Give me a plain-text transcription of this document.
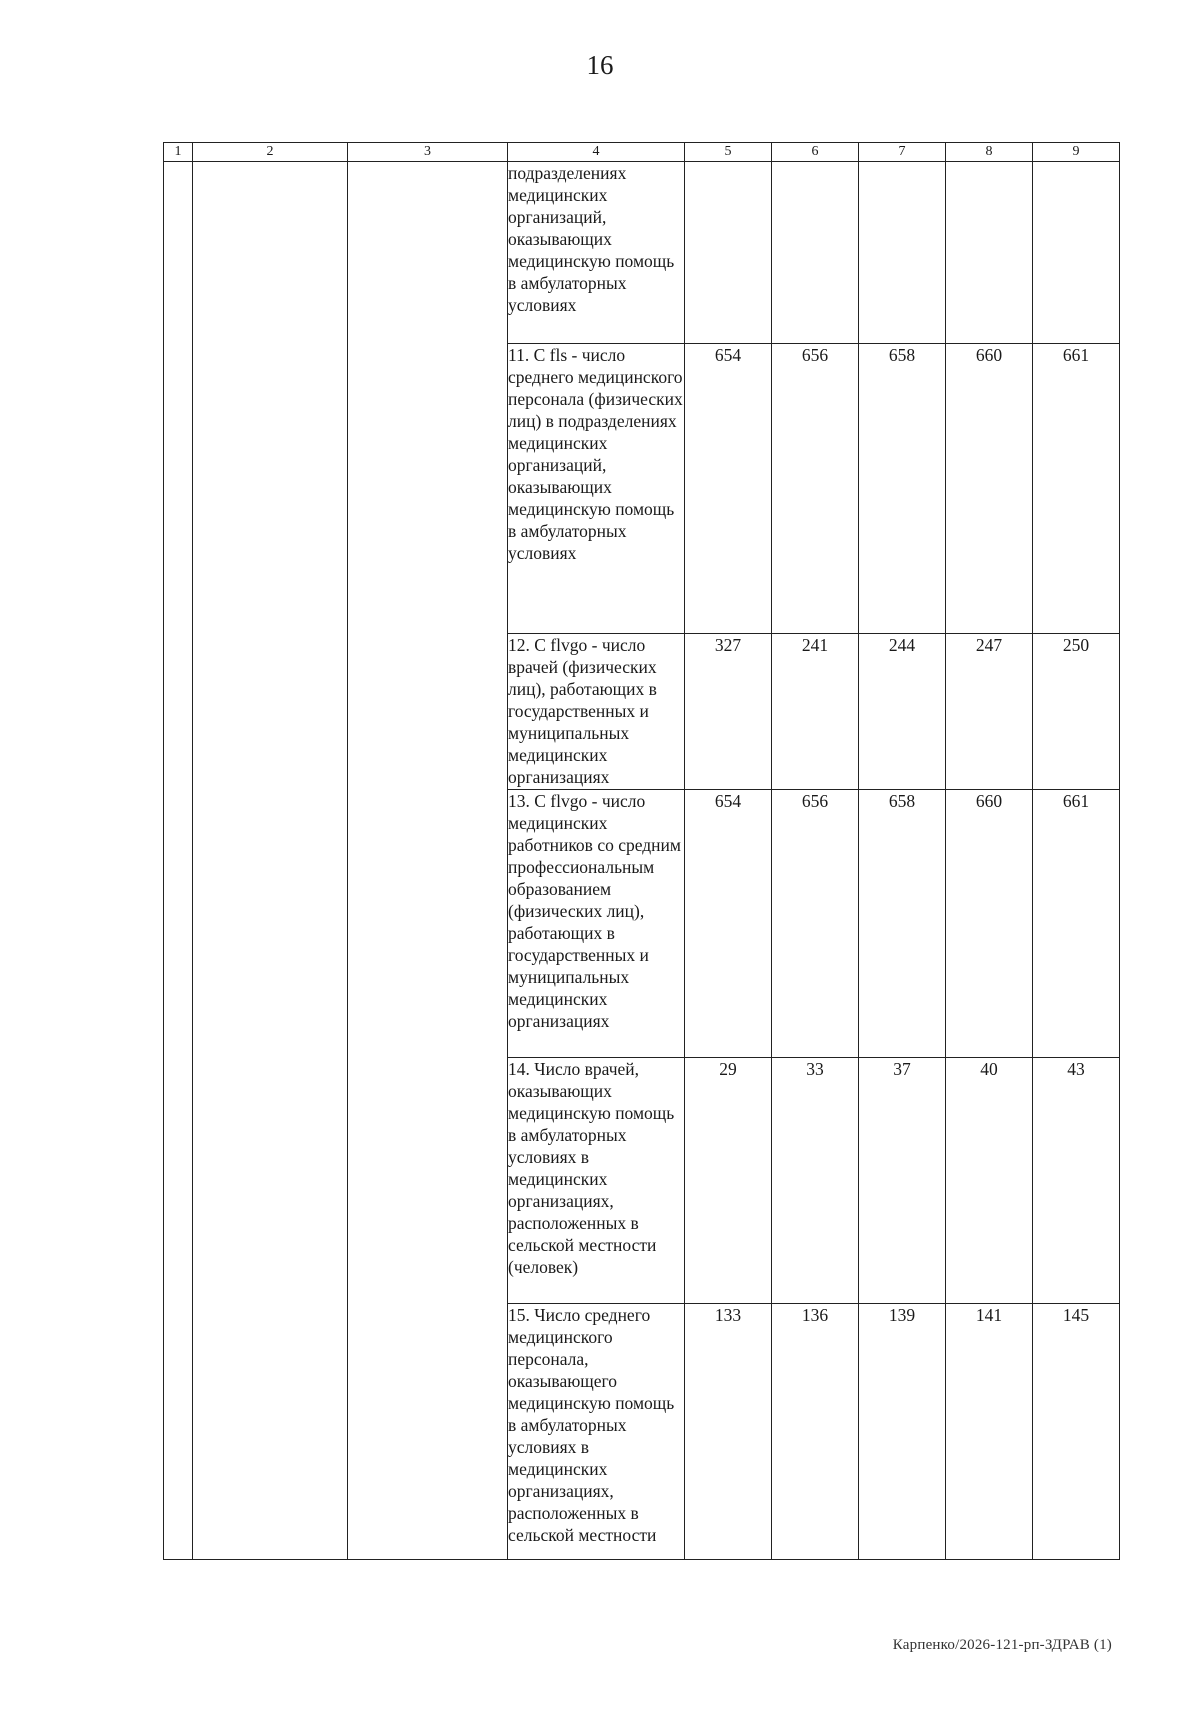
16
1	2	3	4	5	6	7	8	9
			подразделениях медицинских организаций, оказывающих медицинскую помощь в амбулаторных условиях					
			11. C fls - число среднего медицинского персонала (физических лиц) в подразделениях медицинских организаций, оказывающих медицинскую помощь в амбулаторных условиях	654	656	658	660	661
			12. C flvgo - число врачей (физических лиц), работающих в государственных и муниципальных медицинских организациях	327	241	244	247	250
			13. C flvgo - число медицинских работников со средним профессиональным образованием (физических лиц), работающих в государственных и муниципальных медицинских организациях	654	656	658	660	661
			14. Число врачей, оказывающих медицинскую помощь в амбулаторных условиях в медицинских организациях, расположенных в сельской местности (человек)	29	33	37	40	43
			15. Число среднего медицинского персонала, оказывающего медицинскую помощь в амбулаторных условиях в медицинских организациях, расположенных в сельской местности	133	136	139	141	145
Карпенко/2026-121-рп-ЗДРАВ (1)
